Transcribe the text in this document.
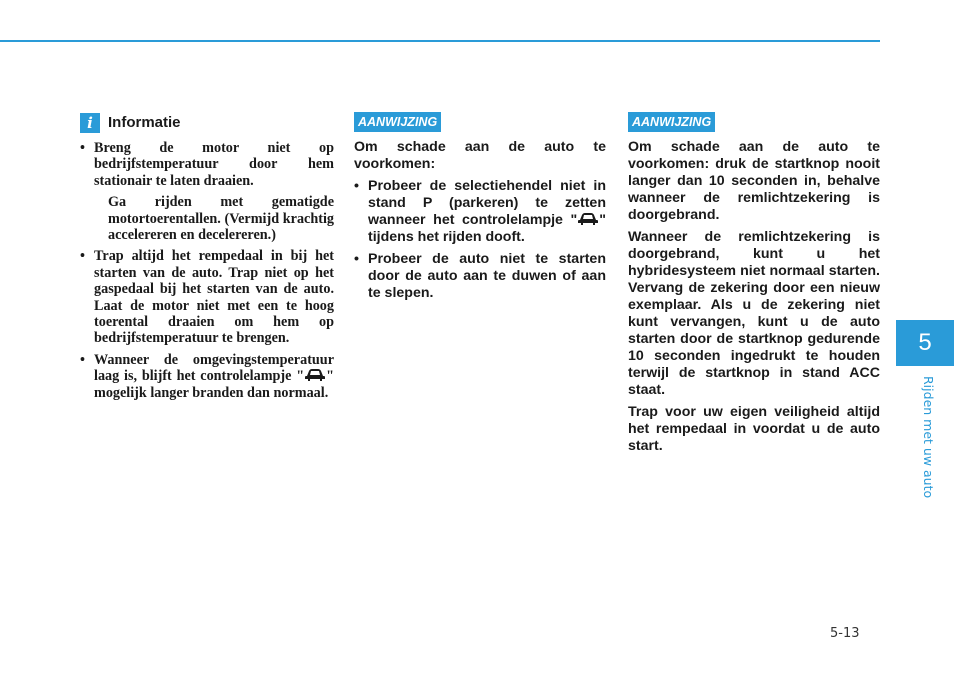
5
Rijden met uw auto
i	Informatie
• Breng de motor niet op bedrijfstemperatuur door hem stationair te laten draaien.
Ga rijden met gematigde motortoerentallen. (Vermijd krachtig accelereren en decelereren.)
• Trap altijd het rempedaal in bij het starten van de auto. Trap niet op het gaspedaal bij het starten van de auto. Laat de motor niet met een te hoog toerental draaien om hem op bedrijfstemperatuur te brengen.
• Wanneer de omgevingstemperatuur laag is, blijft het controlelampje " " mogelijk langer branden dan normaal.
AANWIJZING

Om schade aan de auto te voorkomen:

• Probeer de selectiehendel niet in stand P (parkeren) te zetten wanneer het controlelampje " " tijdens het rijden dooft.
• Probeer de auto niet te starten door de auto aan te duwen of aan te slepen.
AANWIJZING

Om schade aan de auto te voorkomen: druk de startknop nooit langer dan 10 seconden in, behalve wanneer de remlichtzekering is doorgebrand.

Wanneer de remlichtzekering is doorgebrand, kunt u het hybridesysteem niet normaal starten. Vervang de zekering door een nieuw exemplaar. Als u de zekering niet kunt vervangen, kunt u de auto starten door de startknop gedurende 10 seconden ingedrukt te houden terwijl de startknop in stand ACC staat.

Trap voor uw eigen veiligheid altijd het rempedaal in voordat u de auto start.

5-13
